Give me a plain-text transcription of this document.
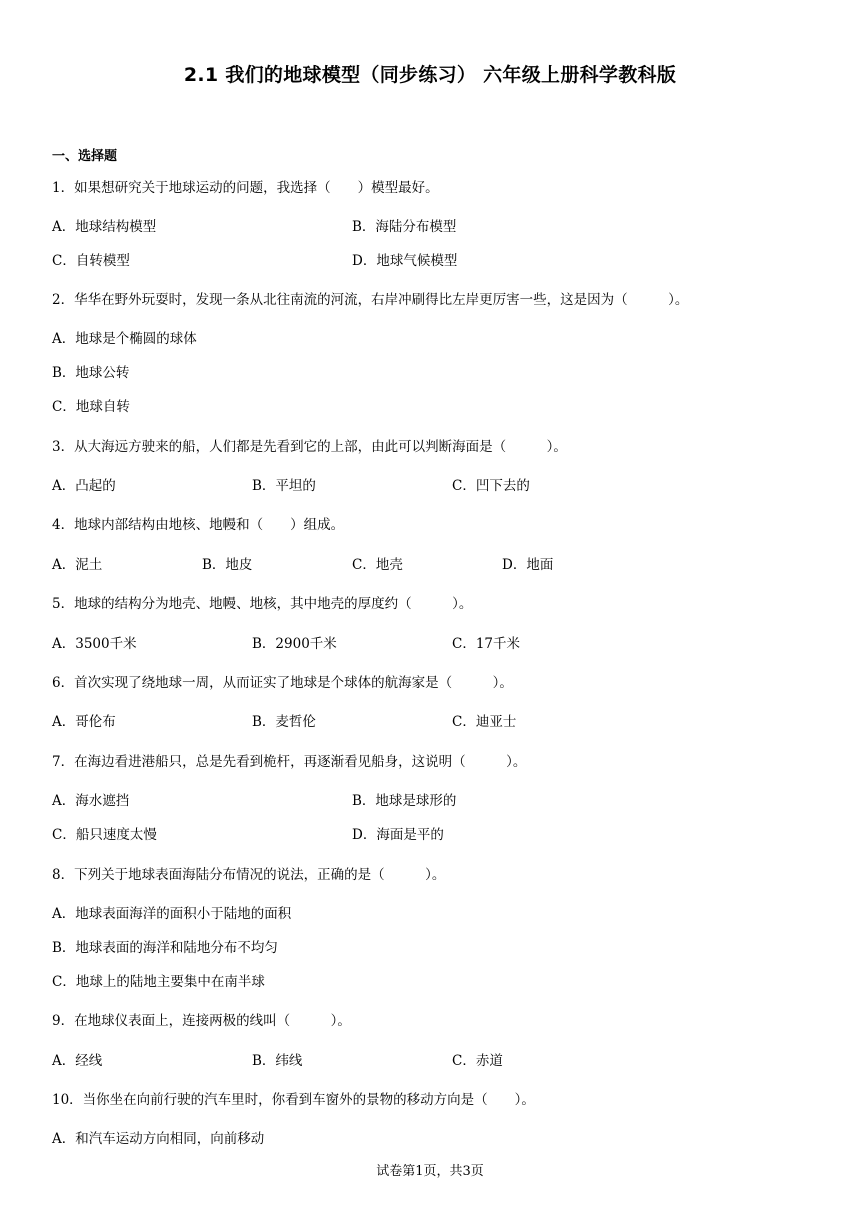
2.1 我们的地球模型（同步练习） 六年级上册科学教科版
一、选择题
1．如果想研究关于地球运动的问题，我选择（　　）模型最好。
A．地球结构模型	B．海陆分布模型
C．自转模型	D．地球气候模型
2．华华在野外玩耍时，发现一条从北往南流的河流，右岸冲刷得比左岸更厉害一些，这是因为（　　　）。
A．地球是个椭圆的球体
B．地球公转
C．地球自转
3．从大海远方驶来的船，人们都是先看到它的上部，由此可以判断海面是（　　　）。
A．凸起的	B．平坦的	C．凹下去的
4．地球内部结构由地核、地幔和（　　）组成。
A．泥土	B．地皮	C．地壳	D．地面
5．地球的结构分为地壳、地幔、地核，其中地壳的厚度约（　　　）。
A．3500千米	B．2900千米	C．17千米
6．首次实现了绕地球一周，从而证实了地球是个球体的航海家是（　　　）。
A．哥伦布	B．麦哲伦	C．迪亚士
7．在海边看进港船只，总是先看到桅杆，再逐渐看见船身，这说明（　　　）。
A．海水遮挡	B．地球是球形的
C．船只速度太慢	D．海面是平的
8．下列关于地球表面海陆分布情况的说法，正确的是（　　　）。
A．地球表面海洋的面积小于陆地的面积
B．地球表面的海洋和陆地分布不均匀
C．地球上的陆地主要集中在南半球
9．在地球仪表面上，连接两极的线叫（　　　）。
A．经线	B．纬线	C．赤道
10．当你坐在向前行驶的汽车里时，你看到车窗外的景物的移动方向是（　　）。
A．和汽车运动方向相同，向前移动
试卷第1页，共3页
